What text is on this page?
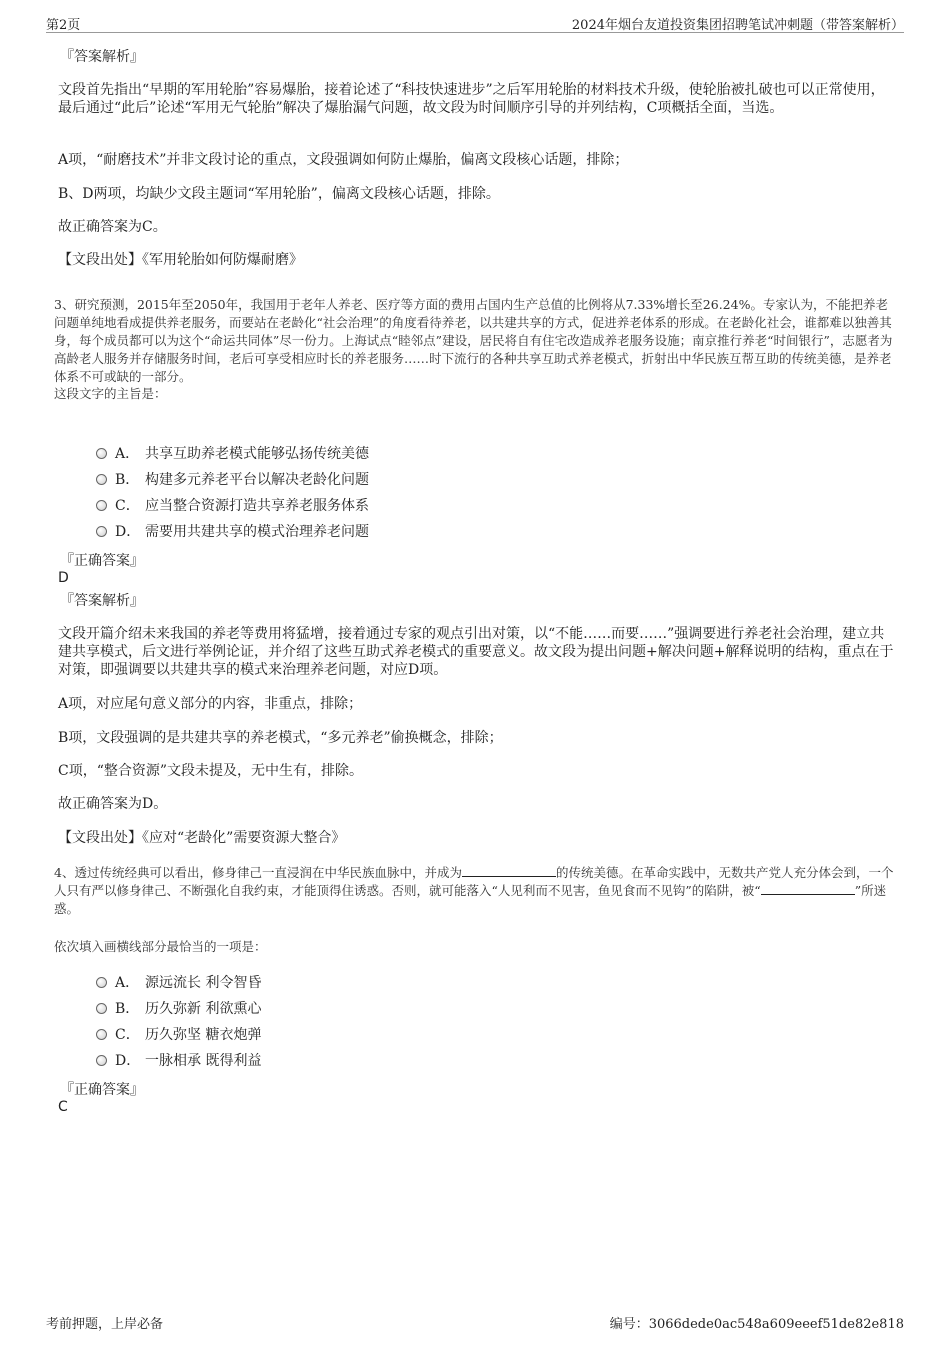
第2页	2024年烟台友道投资集团招聘笔试冲刺题（带答案解析）
『答案解析』
文段首先指出“早期的军用轮胎”容易爆胎，接着论述了“科技快速进步”之后军用轮胎的材料技术升级，使轮胎被扎破也可以正常使用，最后通过“此后”论述“军用无气轮胎”解决了爆胎漏气问题，故文段为时间顺序引导的并列结构，C项概括全面，当选。
A项，“耐磨技术”并非文段讨论的重点，文段强调如何防止爆胎，偏离文段核心话题，排除；
B、D两项，均缺少文段主题词“军用轮胎”，偏离文段核心话题，排除。
故正确答案为C。
【文段出处】《军用轮胎如何防爆耐磨》
3、研究预测，2015年至2050年，我国用于老年人养老、医疗等方面的费用占国内生产总值的比例将从7.33%增长至26.24%。专家认为，不能把养老问题单纯地看成提供养老服务，而要站在老龄化“社会治理”的角度看待养老，以共建共享的方式，促进养老体系的形成。在老龄化社会，谁都难以独善其身，每个成员都可以为这个“命运共同体”尽一份力。上海试点“睦邻点”建设，居民将自有住宅改造成养老服务设施；南京推行养老“时间银行”，志愿者为高龄老人服务并存储服务时间，老后可享受相应时长的养老服务……时下流行的各种共享互助式养老模式，折射出中华民族互帮互助的传统美德，是养老体系不可或缺的一部分。
这段文字的主旨是：
A． 共享互助养老模式能够弘扬传统美德
B． 构建多元养老平台以解决老龄化问题
C． 应当整合资源打造共享养老服务体系
D． 需要用共建共享的模式治理养老问题
『正确答案』
D
『答案解析』
文段开篇介绍未来我国的养老等费用将猛增，接着通过专家的观点引出对策，以“不能……而要……”强调要进行养老社会治理，建立共建共享模式，后文进行举例论证，并介绍了这些互助式养老模式的重要意义。故文段为提出问题+解决问题+解释说明的结构，重点在于对策，即强调要以共建共享的模式来治理养老问题，对应D项。
A项，对应尾句意义部分的内容，非重点，排除；
B项，文段强调的是共建共享的养老模式，“多元养老”偷换概念，排除；
C项，“整合资源”文段未提及，无中生有，排除。
故正确答案为D。
【文段出处】《应对“老龄化”需要资源大整合》
4、透过传统经典可以看出，修身律己一直浸润在中华民族血脉中，并成为	的传统美德。在革命实践中，无数共产党人充分体会到，一个人只有严以修身律己、不断强化自我约束，才能顶得住诱惑。否则，就可能落入“人见利而不见害，鱼见食而不见钩”的陷阱，被“	”所迷惑。
依次填入画横线部分最恰当的一项是：
A． 源远流长 利令智昏
B． 历久弥新 利欲熏心
C． 历久弥坚 糖衣炮弹
D． 一脉相承 既得利益
『正确答案』
C
考前押题，上岸必备	编号：3066dede0ac548a609eeef51de82e818
